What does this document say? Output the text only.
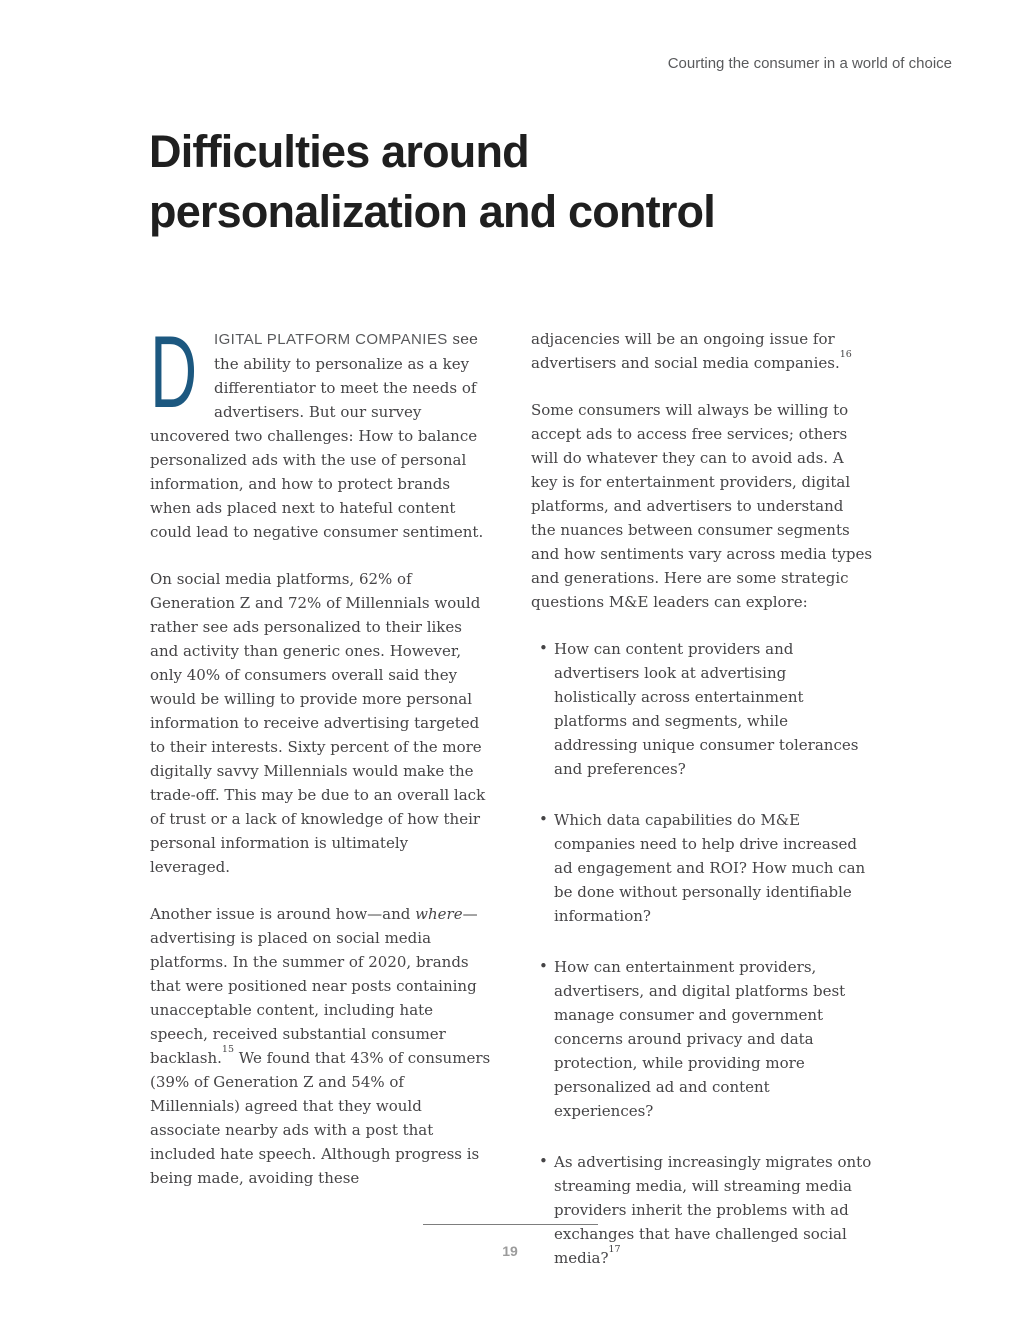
Courting the consumer in a world of choice
Difficulties around
personalization and control

D IGITAL PLATFORM COMPANIES see the ability to personalize as a key differentiator to meet the needs of advertisers. But our survey uncovered two challenges: How to balance personalized ads with the use of personal information, and how to protect brands when ads placed next to hateful content could lead to negative consumer sentiment.

On social media platforms, 62% of Generation Z and 72% of Millennials would rather see ads personalized to their likes and activity than generic ones. However, only 40% of consumers overall said they would be willing to provide more personal information to receive advertising targeted to their interests. Sixty percent of the more digitally savvy Millennials would make the trade-off. This may be due to an overall lack of trust or a lack of knowledge of how their personal information is ultimately leveraged.

Another issue is around how—and where—advertising is placed on social media platforms. In the summer of 2020, brands that were positioned near posts containing unacceptable content, including hate speech, received substantial consumer backlash.$^{15}$ We found that 43% of consumers (39% of Generation Z and 54% of Millennials) agreed that they would associate nearby ads with a post that included hate speech. Although progress is being made, avoiding these

adjacencies will be an ongoing issue for advertisers and social media companies.$^{16}$

Some consumers will always be willing to accept ads to access free services; others will do whatever they can to avoid ads. A key is for entertainment providers, digital platforms, and advertisers to understand the nuances between consumer segments and how sentiments vary across media types and generations. Here are some strategic questions M&E leaders can explore:

• How can content providers and advertisers look at advertising holistically across entertainment platforms and segments, while addressing unique consumer tolerances and preferences?
• Which data capabilities do M&E companies need to help drive increased ad engagement and ROI? How much can be done without personally identifiable information?
• How can entertainment providers, advertisers, and digital platforms best manage consumer and government concerns around privacy and data protection, while providing more personalized ad and content experiences?
• As advertising increasingly migrates onto streaming media, will streaming media providers inherit the problems with ad exchanges that have challenged social media?$^{17}$
19
